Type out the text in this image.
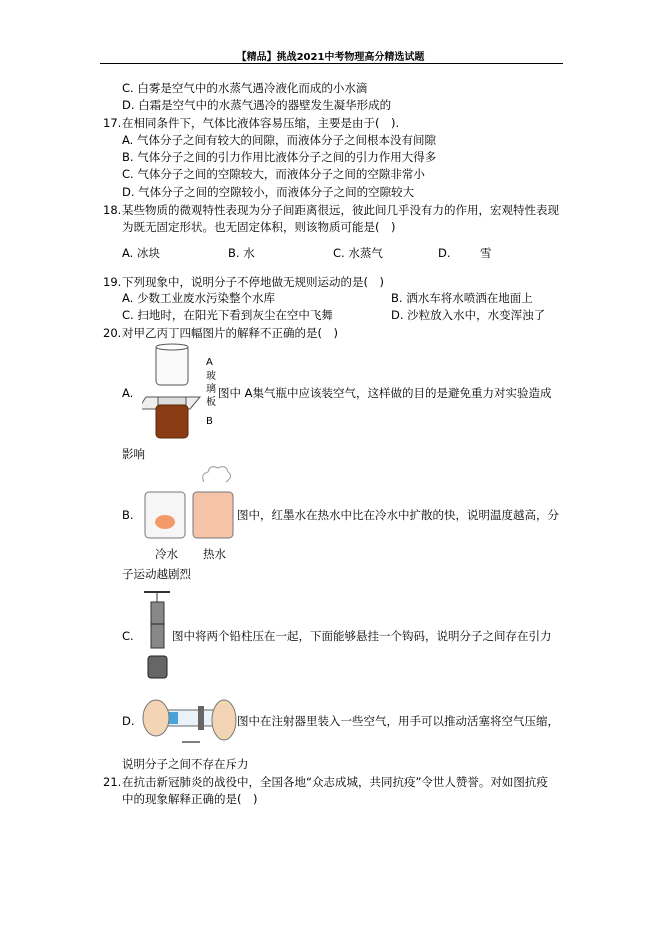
【精品】挑战2021中考物理高分精选试题
C. 白雾是空气中的水蒸气遇冷液化而成的小水滴
D. 白霜是空气中的水蒸气遇冷的器壁发生凝华形成的
17. 在相同条件下，气体比液体容易压缩，主要是由于(　).
A. 气体分子之间有较大的间隙，而液体分子之间根本没有间隙
B. 气体分子之间的引力作用比液体分子之间的引力作用大得多
C. 气体分子之间的空隙较大，而液体分子之间的空隙非常小
D. 气体分子之间的空隙较小，而液体分子之间的空隙较大
18. 某些物质的微观特性表现为分子间距离很远，彼此间几乎没有力的作用，宏观特性表现
为既无固定形状。也无固定体积，则该物质可能是(　)
A. 冰块	B. 水	C. 水蒸气	D.	雪
19. 下列现象中，说明分子不停地做无规则运动的是(　)
A. 少数工业废水污染整个水库	B. 洒水车将水喷洒在地面上
C. 扫地时，在阳光下看到灰尘在空中飞舞	D. 沙粒放入水中，水变浑浊了
20. 对甲乙丙丁四幅图片的解释不正确的是(　)
A.
A
B
玻璃板
图中 A集气瓶中应该装空气，这样做的目的是避免重力对实验造成
影响
B.
冷水 热水
图中，红墨水在热水中比在冷水中扩散的快，说明温度越高，分
子运动越剧烈
C.	图中将两个铅柱压在一起，下面能够悬挂一个钩码，说明分子之间存在引力
D.	图中在注射器里装入一些空气，用手可以推动活塞将空气压缩，
说明分子之间不存在斥力
21. 在抗击新冠肺炎的战役中，全国各地“众志成城，共同抗疫”令世人赞誉。对如图抗疫
中的现象解释正确的是(　)
